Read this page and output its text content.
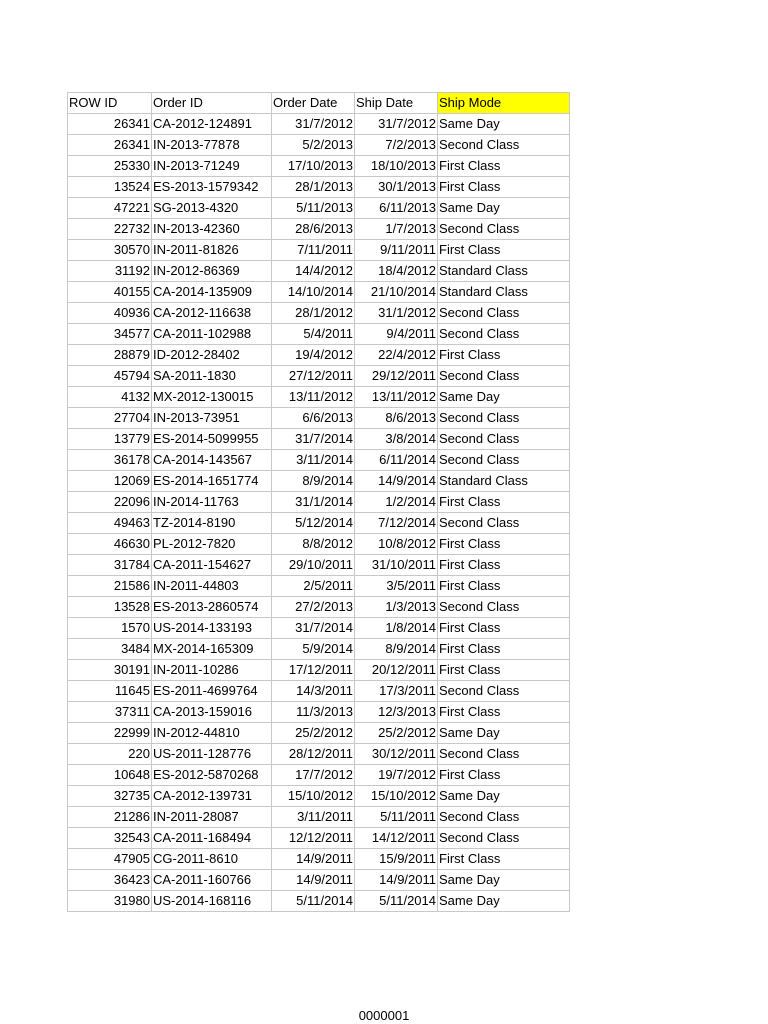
ROW ID	Order ID	Order Date	Ship Date	Ship Mode
26341	CA-2012-124891	31/7/2012	31/7/2012	Same Day
26341	IN-2013-77878	5/2/2013	7/2/2013	Second Class
25330	IN-2013-71249	17/10/2013	18/10/2013	First Class
13524	ES-2013-1579342	28/1/2013	30/1/2013	First Class
47221	SG-2013-4320	5/11/2013	6/11/2013	Same Day
22732	IN-2013-42360	28/6/2013	1/7/2013	Second Class
30570	IN-2011-81826	7/11/2011	9/11/2011	First Class
31192	IN-2012-86369	14/4/2012	18/4/2012	Standard Class
40155	CA-2014-135909	14/10/2014	21/10/2014	Standard Class
40936	CA-2012-116638	28/1/2012	31/1/2012	Second Class
34577	CA-2011-102988	5/4/2011	9/4/2011	Second Class
28879	ID-2012-28402	19/4/2012	22/4/2012	First Class
45794	SA-2011-1830	27/12/2011	29/12/2011	Second Class
4132	MX-2012-130015	13/11/2012	13/11/2012	Same Day
27704	IN-2013-73951	6/6/2013	8/6/2013	Second Class
13779	ES-2014-5099955	31/7/2014	3/8/2014	Second Class
36178	CA-2014-143567	3/11/2014	6/11/2014	Second Class
12069	ES-2014-1651774	8/9/2014	14/9/2014	Standard Class
22096	IN-2014-11763	31/1/2014	1/2/2014	First Class
49463	TZ-2014-8190	5/12/2014	7/12/2014	Second Class
46630	PL-2012-7820	8/8/2012	10/8/2012	First Class
31784	CA-2011-154627	29/10/2011	31/10/2011	First Class
21586	IN-2011-44803	2/5/2011	3/5/2011	First Class
13528	ES-2013-2860574	27/2/2013	1/3/2013	Second Class
1570	US-2014-133193	31/7/2014	1/8/2014	First Class
3484	MX-2014-165309	5/9/2014	8/9/2014	First Class
30191	IN-2011-10286	17/12/2011	20/12/2011	First Class
11645	ES-2011-4699764	14/3/2011	17/3/2011	Second Class
37311	CA-2013-159016	11/3/2013	12/3/2013	First Class
22999	IN-2012-44810	25/2/2012	25/2/2012	Same Day
220	US-2011-128776	28/12/2011	30/12/2011	Second Class
10648	ES-2012-5870268	17/7/2012	19/7/2012	First Class
32735	CA-2012-139731	15/10/2012	15/10/2012	Same Day
21286	IN-2011-28087	3/11/2011	5/11/2011	Second Class
32543	CA-2011-168494	12/12/2011	14/12/2011	Second Class
47905	CG-2011-8610	14/9/2011	15/9/2011	First Class
36423	CA-2011-160766	14/9/2011	14/9/2011	Same Day
31980	US-2014-168116	5/11/2014	5/11/2014	Same Day
0000001
